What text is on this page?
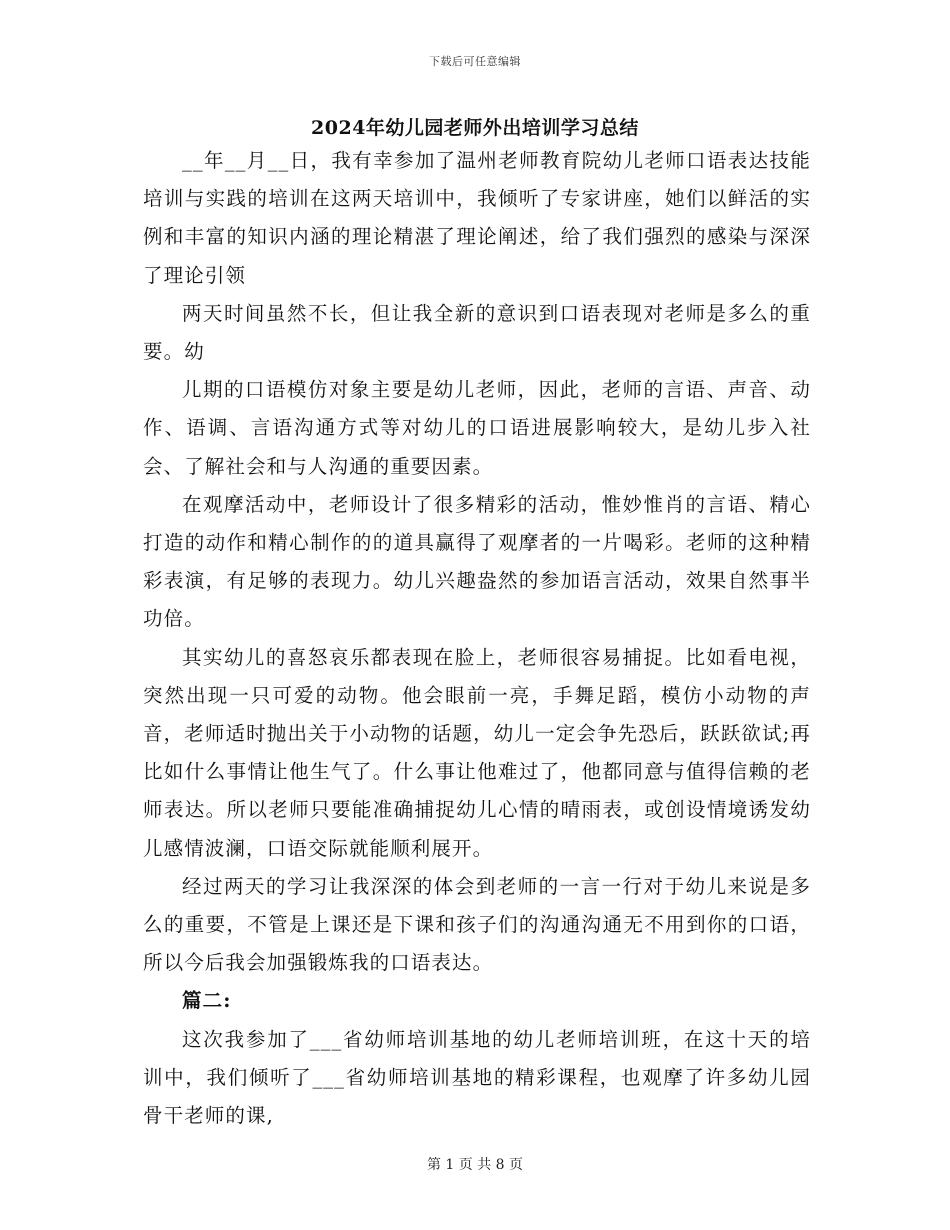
下载后可任意编辑
2024年幼儿园老师外出培训学习总结

__年__月__日，我有幸参加了温州老师教育院幼儿老师口语表达技能培训与实践的培训在这两天培训中，我倾听了专家讲座，她们以鲜活的实例和丰富的知识内涵的理论精湛了理论阐述，给了我们强烈的感染与深深了理论引领

两天时间虽然不长，但让我全新的意识到口语表现对老师是多么的重要。幼

儿期的口语模仿对象主要是幼儿老师，因此，老师的言语、声音、动作、语调、言语沟通方式等对幼儿的口语进展影响较大，是幼儿步入社会、了解社会和与人沟通的重要因素。

在观摩活动中，老师设计了很多精彩的活动，惟妙惟肖的言语、精心打造的动作和精心制作的的道具赢得了观摩者的一片喝彩。老师的这种精彩表演，有足够的表现力。幼儿兴趣盎然的参加语言活动，效果自然事半功倍。

其实幼儿的喜怒哀乐都表现在脸上，老师很容易捕捉。比如看电视，突然出现一只可爱的动物。他会眼前一亮，手舞足蹈，模仿小动物的声音，老师适时抛出关于小动物的话题，幼儿一定会争先恐后，跃跃欲试;再比如什么事情让他生气了。什么事让他难过了，他都同意与值得信赖的老师表达。所以老师只要能准确捕捉幼儿心情的晴雨表，或创设情境诱发幼儿感情波澜，口语交际就能顺利展开。

经过两天的学习让我深深的体会到老师的一言一行对于幼儿来说是多么的重要，不管是上课还是下课和孩子们的沟通沟通无不用到你的口语，所以今后我会加强锻炼我的口语表达。

篇二:

这次我参加了___省幼师培训基地的幼儿老师培训班，在这十天的培训中，我们倾听了___省幼师培训基地的精彩课程，也观摩了许多幼儿园骨干老师的课,

第 1 页 共 8 页
